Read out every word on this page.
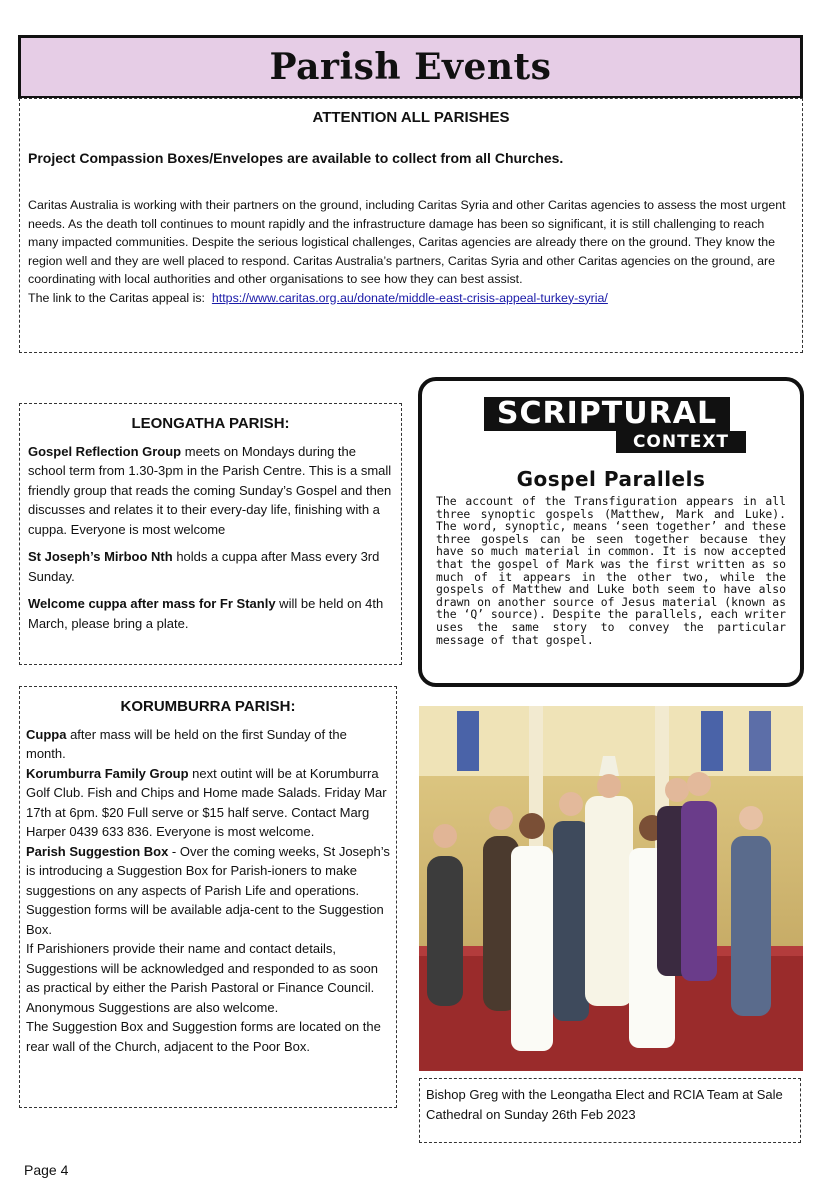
Parish Events
ATTENTION ALL PARISHES
Project Compassion Boxes/Envelopes are available to collect from all Churches.
Caritas Australia is working with their partners on the ground, including Caritas Syria and other Caritas agencies to assess the most urgent needs. As the death toll continues to mount rapidly and the infrastructure damage has been so significant, it is still challenging to reach many impacted communities. Despite the serious logistical challenges, Caritas agencies are already there on the ground. They know the region well and they are well placed to respond. Caritas Australia’s partners, Caritas Syria and other Caritas agencies on the ground, are coordinating with local authorities and other organisations to see how they can best assist.
The link to the Caritas appeal is: https://www.caritas.org.au/donate/middle-east-crisis-appeal-turkey-syria/
LEONGATHA PARISH:

Gospel Reflection Group meets on Mondays during the school term from 1.30-3pm in the Parish Centre. This is a small friendly group that reads the coming Sunday’s Gospel and then discusses and relates it to their every-day life, finishing with a cuppa. Everyone is most welcome

St Joseph’s Mirboo Nth holds a cuppa after Mass every 3rd Sunday.

Welcome cuppa after mass for Fr Stanly will be held on 4th March, please bring a plate.

KORUMBURRA PARISH:

Cuppa after mass will be held on the first Sunday of the month.

Korumburra Family Group next outint will be at Korumburra Golf Club. Fish and Chips and Home made Salads. Friday Mar 17th at 6pm. $20 Full serve or $15 half serve. Contact Marg Harper 0439 633 836. Everyone is most welcome.

Parish Suggestion Box - Over the coming weeks, St Joseph’s is introducing a Suggestion Box for Parish-ioners to make suggestions on any aspects of Parish Life and operations. Suggestion forms will be available adja-cent to the Suggestion Box.

If Parishioners provide their name and contact details, Suggestions will be acknowledged and responded to as soon as practical by either the Parish Pastoral or Finance Council. Anonymous Suggestions are also welcome.

The Suggestion Box and Suggestion forms are located on the rear wall of the Church, adjacent to the Poor Box.

SCRIPTURAL
CONTEXT
Gospel Parallels
The account of the Transfiguration appears in all three synoptic gospels (Matthew, Mark and Luke). The word, synoptic, means ‘seen together’ and these three gospels can be seen together because they have so much material in common. It is now accepted that the gospel of Mark was the first written as so much of it appears in the other two, while the gospels of Matthew and Luke both seem to have also drawn on another source of Jesus material (known as the ‘Q’ source). Despite the parallels, each writer uses the same story to convey the particular message of that gospel.
Bishop Greg with the Leongatha Elect and RCIA Team at Sale Cathedral on Sunday 26th Feb 2023
Page 4
